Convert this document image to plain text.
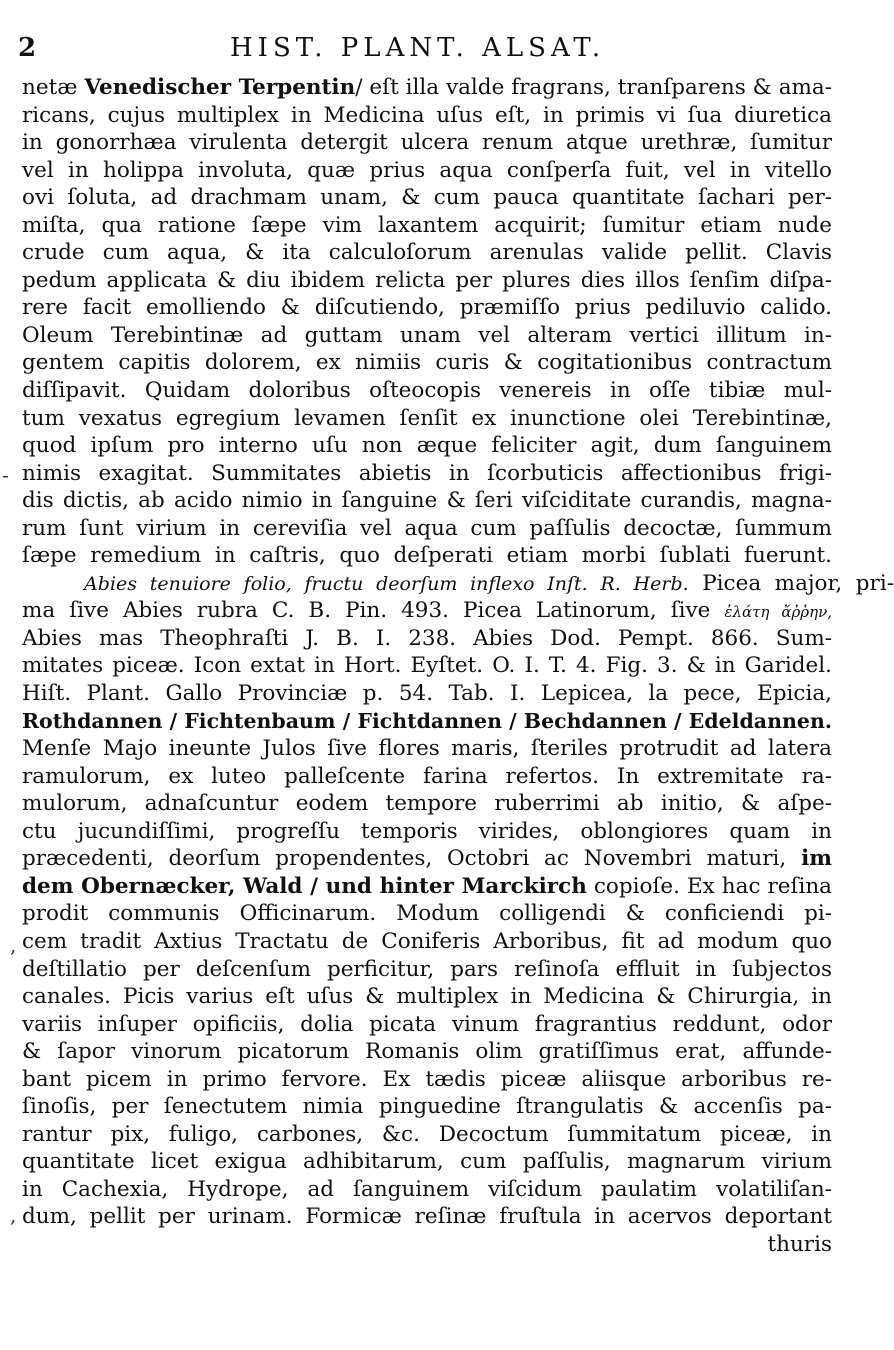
2	HIST. PLANT. ALSAT.
netæ Venedischer Terpentin/ eſt illa valde fragrans, tranſparens & ama-
ricans, cujus multiplex in Medicina uſus eſt, in primis vi ſua diuretica
in gonorrhæa virulenta detergit ulcera renum atque urethræ, ſumitur
vel in holippa involuta, quæ prius aqua conſperſa fuit, vel in vitello
ovi ſoluta, ad drachmam unam, & cum pauca quantitate ſachari per-
miſta, qua ratione ſæpe vim laxantem acquirit; ſumitur etiam nude
crude cum aqua, & ita calculoſorum arenulas valide pellit. Clavis
pedum applicata & diu ibidem relicta per plures dies illos ſenſim diſpa-
rere facit emolliendo & diſcutiendo, præmiſſo prius pediluvio calido.
Oleum Terebintinæ ad guttam unam vel alteram vertici illitum in-
gentem capitis dolorem, ex nimiis curis & cogitationibus contractum
diſſipavit. Quidam doloribus oſteocopis venereis in oſſe tibiæ mul-
tum vexatus egregium levamen ſenſit ex inunctione olei Terebintinæ,
quod ipſum pro interno uſu non æque feliciter agit, dum ſanguinem
nimis exagitat. Summitates abietis in ſcorbuticis affectionibus frigi-
dis dictis, ab acido nimio in ſanguine & ſeri viſciditate curandis, magna-
rum ſunt virium in cereviſia vel aqua cum paſſulis decoctæ, ſummum
ſæpe remedium in caſtris, quo deſperati etiam morbi ſublati fuerunt.
Abies tenuiore folio, fructu deorſum inflexo Inſt. R. Herb. Picea major, pri-
ma ſive Abies rubra C. B. Pin. 493. Picea Latinorum, ſive ἐλάτη ἄῤῥην,
Abies mas Theophraſti J. B. I. 238. Abies Dod. Pempt. 866. Sum-
mitates piceæ. Icon extat in Hort. Eyſtet. O. I. T. 4. Fig. 3. & in Garidel.
Hiſt. Plant. Gallo Provinciæ p. 54. Tab. I. Lepicea, la pece, Epicia,
Rothdannen / Fichtenbaum / Fichtdannen / Bechdannen / Edeldannen.
Menſe Majo ineunte Julos ſive flores maris, ſteriles protrudit ad latera
ramulorum, ex luteo palleſcente farina refertos. In extremitate ra-
mulorum, adnaſcuntur eodem tempore ruberrimi ab initio, & aſpe-
ctu jucundiſſimi, progreſſu temporis virides, oblongiores quam in
præcedenti, deorſum propendentes, Octobri ac Novembri maturi, im
dem Obernæcker, Wald / und hinter Marckirch copioſe. Ex hac reſina
prodit communis Officinarum. Modum colligendi & conficiendi pi-
cem tradit Axtius Tractatu de Coniferis Arboribus, fit ad modum quo
deſtillatio per deſcenſum perficitur, pars reſinoſa effluit in ſubjectos
canales. Picis varius eſt uſus & multiplex in Medicina & Chirurgia, in
variis inſuper opificiis, dolia picata vinum fragrantius reddunt, odor
& ſapor vinorum picatorum Romanis olim gratiſſimus erat, affunde-
bant picem in primo fervore. Ex tædis piceæ aliisque arboribus re-
ſinoſis, per ſenectutem nimia pinguedine ſtrangulatis & accenſis pa-
rantur pix, fuligo, carbones, &c. Decoctum ſummitatum piceæ, in
quantitate licet exigua adhibitarum, cum paſſulis, magnarum virium
in Cachexia, Hydrope, ad ſanguinem viſcidum paulatim volatiliſan-
dum, pellit per urinam. Formicæ reſinæ fruſtula in acervos deportant
thuris
-
,
,
